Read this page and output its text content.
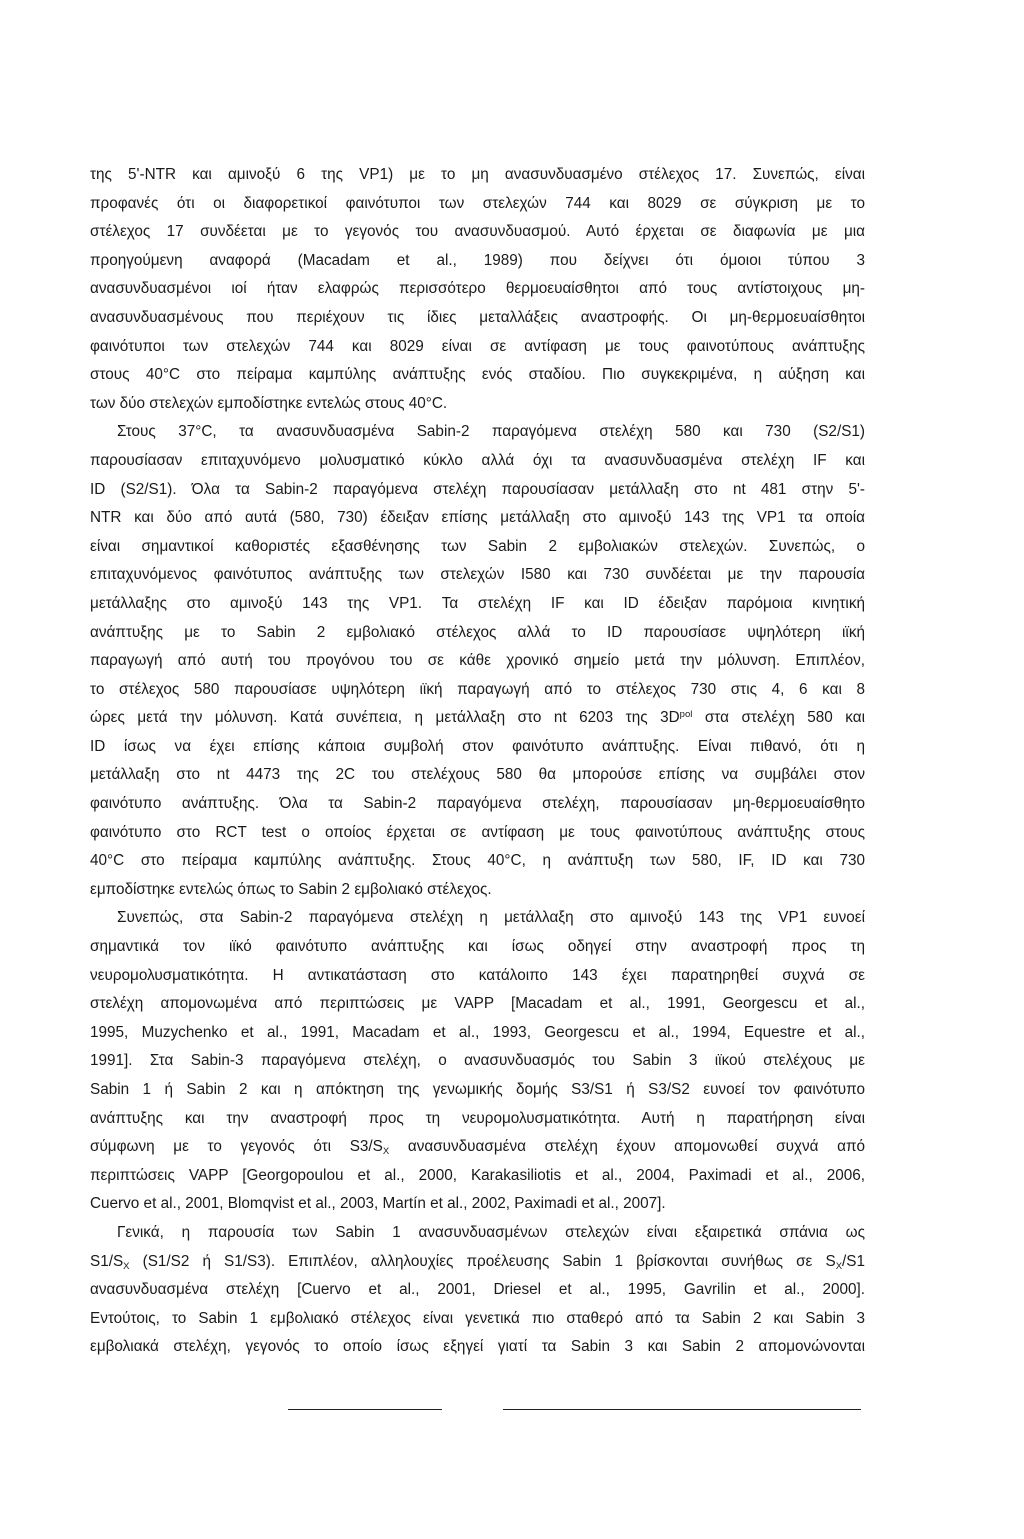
της 5'-NTR και αμινοξύ 6 της VP1) με το μη ανασυνδυασμένο στέλεχος 17. Συνεπώς, είναι
προφανές ότι οι διαφορετικοί φαινότυποι των στελεχών 744 και 8029 σε σύγκριση με το
στέλεχος 17 συνδέεται με το γεγονός του ανασυνδυασμού. Αυτό έρχεται σε διαφωνία με μια
προηγούμενη αναφορά (Macadam et al., 1989) που δείχνει ότι όμοιοι τύπου 3
ανασυνδυασμένοι ιοί ήταν ελαφρώς περισσότερο θερμοευαίσθητοι από τους αντίστοιχους μη-
ανασυνδυασμένους που περιέχουν τις ίδιες μεταλλάξεις αναστροφής. Οι μη-θερμοευαίσθητοι
φαινότυποι των στελεχών 744 και 8029 είναι σε αντίφαση με τους φαινοτύπους ανάπτυξης
στους 40°C στο πείραμα καμπύλης ανάπτυξης ενός σταδίου. Πιο συγκεκριμένα, η αύξηση και
των δύο στελεχών εμποδίστηκε εντελώς στους 40°C.
Στους 37°C, τα ανασυνδυασμένα Sabin-2 παραγόμενα στελέχη 580 και 730 (S2/S1)
παρουσίασαν επιταχυνόμενο μολυσματικό κύκλο αλλά όχι τα ανασυνδυασμένα στελέχη IF και
ID (S2/S1). Όλα τα Sabin-2 παραγόμενα στελέχη παρουσίασαν μετάλλαξη στο nt 481 στην 5'-
NTR και δύο από αυτά (580, 730) έδειξαν επίσης μετάλλαξη στο αμινοξύ 143 της VP1 τα οποία
είναι σημαντικοί καθοριστές εξασθένησης των Sabin 2 εμβολιακών στελεχών. Συνεπώς, ο
επιταχυνόμενος φαινότυπος ανάπτυξης των στελεχών I580 και 730 συνδέεται με την παρουσία
μετάλλαξης στο αμινοξύ 143 της VP1. Τα στελέχη IF και ID έδειξαν παρόμοια κινητική
ανάπτυξης με το Sabin 2 εμβολιακό στέλεχος αλλά το ID παρουσίασε υψηλότερη ιϊκή
παραγωγή από αυτή του προγόνου του σε κάθε χρονικό σημείο μετά την μόλυνση. Επιπλέον,
το στέλεχος 580 παρουσίασε υψηλότερη ιϊκή παραγωγή από το στέλεχος 730 στις 4, 6 και 8
ώρες μετά την μόλυνση. Κατά συνέπεια, η μετάλλαξη στο nt 6203 της $3D^{pol}$ στα στελέχη 580 και
ID ίσως να έχει επίσης κάποια συμβολή στον φαινότυπο ανάπτυξης. Είναι πιθανό, ότι η
μετάλλαξη στο nt 4473 της 2C του στελέχους 580 θα μπορούσε επίσης να συμβάλει στον
φαινότυπο ανάπτυξης. Όλα τα Sabin-2 παραγόμενα στελέχη, παρουσίασαν μη-θερμοευαίσθητο
φαινότυπο στο RCT test ο οποίος έρχεται σε αντίφαση με τους φαινοτύπους ανάπτυξης στους
40°C στο πείραμα καμπύλης ανάπτυξης. Στους 40°C, η ανάπτυξη των 580, IF, ID και 730
εμποδίστηκε εντελώς όπως το Sabin 2 εμβολιακό στέλεχος.
Συνεπώς, στα Sabin-2 παραγόμενα στελέχη η μετάλλαξη στο αμινοξύ 143 της VP1 ευνοεί
σημαντικά τον ιϊκό φαινότυπο ανάπτυξης και ίσως οδηγεί στην αναστροφή προς τη
νευρομολυσματικότητα. Η αντικατάσταση στο κατάλοιπο 143 έχει παρατηρηθεί συχνά σε
στελέχη απομονωμένα από περιπτώσεις με VAPP [Macadam et al., 1991, Georgescu et al.,
1995, Muzychenko et al., 1991, Macadam et al., 1993, Georgescu et al., 1994, Equestre et al.,
1991]. Στα Sabin-3 παραγόμενα στελέχη, ο ανασυνδυασμός του Sabin 3 ιϊκού στελέχους με
Sabin 1 ή Sabin 2 και η απόκτηση της γενωμικής δομής S3/S1 ή S3/S2 ευνοεί τον φαινότυπο
ανάπτυξης και την αναστροφή προς τη νευρομολυσματικότητα. Αυτή η παρατήρηση είναι
σύμφωνη με το γεγονός ότι $S3/S_X$ ανασυνδυασμένα στελέχη έχουν απομονωθεί συχνά από
περιπτώσεις VAPP [Georgopoulou et al., 2000, Karakasiliotis et al., 2004, Paximadi et al., 2006,
Cuervo et al., 2001, Blomqvist et al., 2003, Martín et al., 2002, Paximadi et al., 2007].
Γενικά, η παρουσία των Sabin 1 ανασυνδυασμένων στελεχών είναι εξαιρετικά σπάνια ως
$S1/S_X$ (S1/S2 ή S1/S3). Επιπλέον, αλληλουχίες προέλευσης Sabin 1 βρίσκονται συνήθως σε $S_X/S1$
ανασυνδυασμένα στελέχη [Cuervo et al., 2001, Driesel et al., 1995, Gavrilin et al., 2000].
Εντούτοις, το Sabin 1 εμβολιακό στέλεχος είναι γενετικά πιο σταθερό από τα Sabin 2 και Sabin 3
εμβολιακά στελέχη, γεγονός το οποίο ίσως εξηγεί γιατί τα Sabin 3 και Sabin 2 απομονώνονται
